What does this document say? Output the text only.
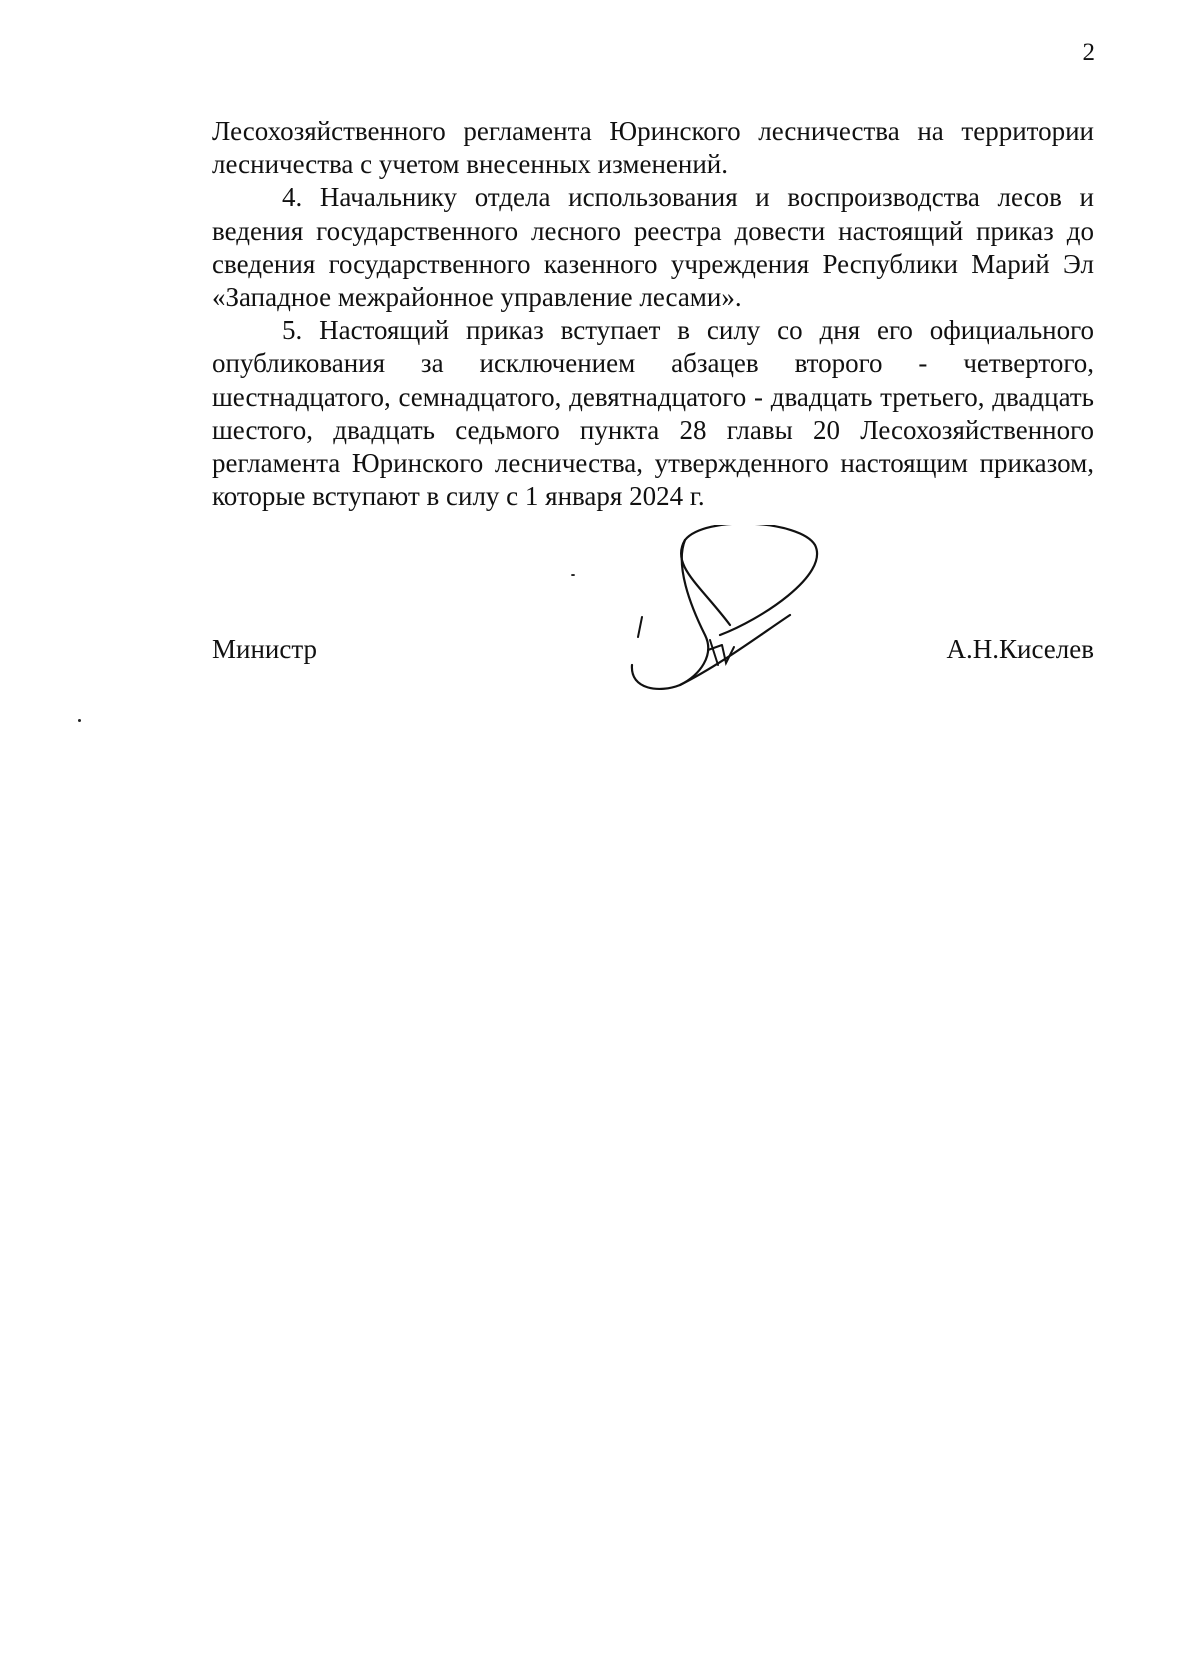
2

Лесохозяйственного регламента Юринского лесничества на территории лесничества с учетом внесенных изменений.

4. Начальнику отдела использования и воспроизводства лесов и ведения государственного лесного реестра довести настоящий приказ до сведения государственного казенного учреждения Республики Марий Эл «Западное межрайонное управление лесами».

5. Настоящий приказ вступает в силу со дня его официального опубликования за исключением абзацев второго - четвертого, шестнадцатого, семнадцатого, девятнадцатого - двадцать третьего, двадцать шестого, двадцать седьмого пункта 28 главы 20 Лесохозяйственного регламента Юринского лесничества, утвержденного настоящим приказом, которые вступают в силу с 1 января 2024 г.

Министр	А.Н.Киселев
